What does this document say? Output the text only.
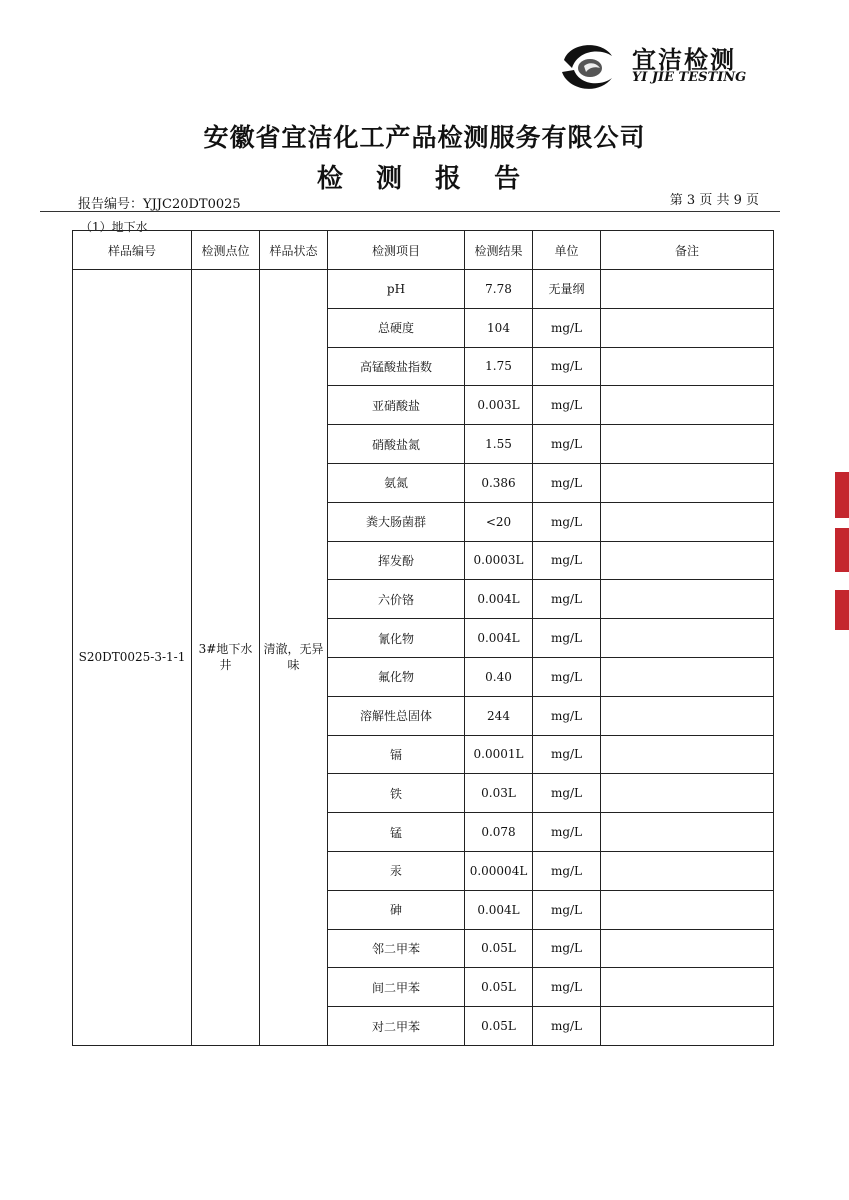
宜洁检测
YI JIE TESTING
安徽省宜洁化工产品检测服务有限公司
检 测 报 告
报告编号：YJJC20DT0025	第 3 页 共 9 页
（1）地下水
样品编号	检测点位	样品状态	检测项目	检测结果	单位	备注
S20DT0025-3-1-1	3#地下水井	清澈，无异味	pH	7.78	无量纲	
			总硬度	104	mg/L	
			高锰酸盐指数	1.75	mg/L	
			亚硝酸盐	0.003L	mg/L	
			硝酸盐氮	1.55	mg/L	
			氨氮	0.386	mg/L	
			粪大肠菌群	<20	mg/L	
			挥发酚	0.0003L	mg/L	
			六价铬	0.004L	mg/L	
			氰化物	0.004L	mg/L	
			氟化物	0.40	mg/L	
			溶解性总固体	244	mg/L	
			镉	0.0001L	mg/L	
			铁	0.03L	mg/L	
			锰	0.078	mg/L	
			汞	0.00004L	mg/L	
			砷	0.004L	mg/L	
			邻二甲苯	0.05L	mg/L	
			间二甲苯	0.05L	mg/L	
			对二甲苯	0.05L	mg/L	
